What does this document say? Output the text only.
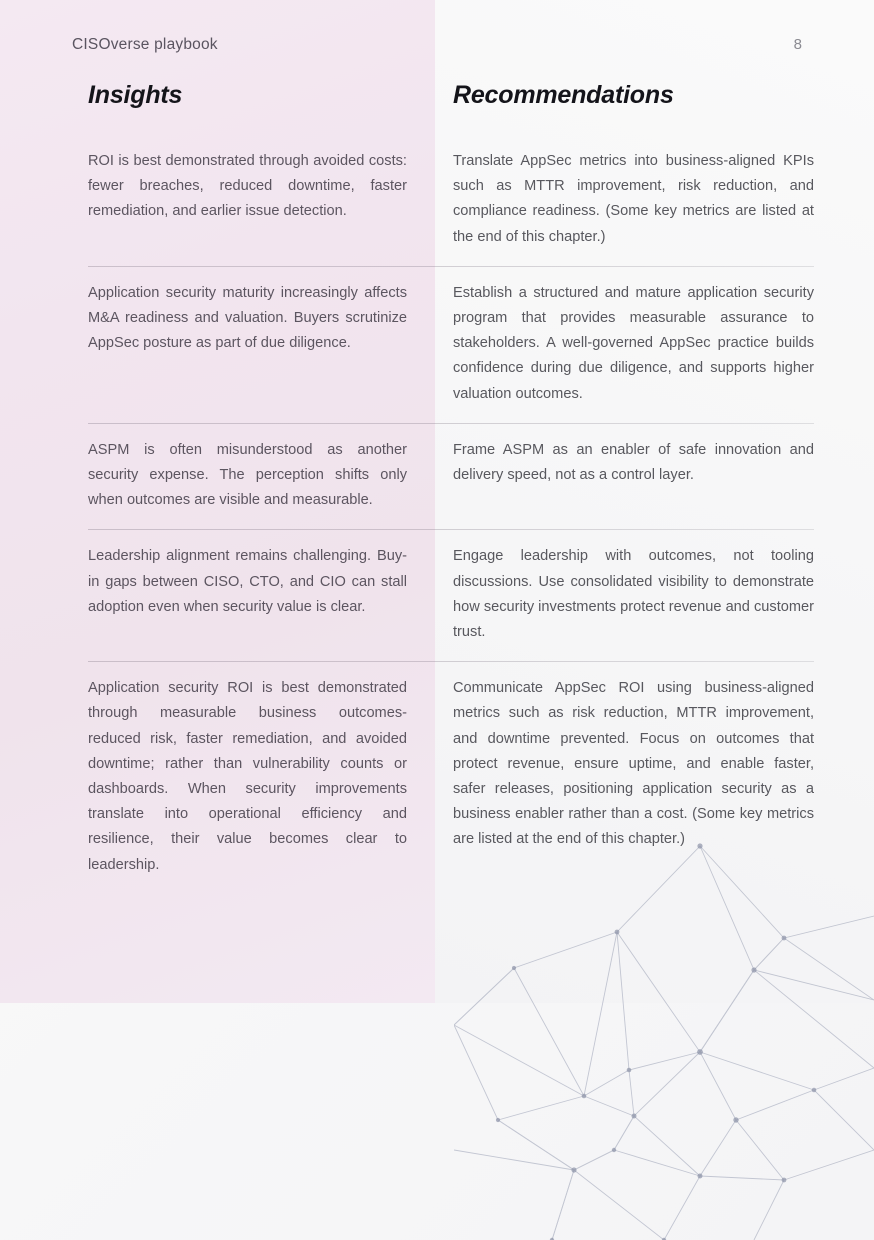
CISOverse playbook	8
Insights	Recommendations

ROI is best demonstrated through avoided costs: fewer breaches, reduced downtime, faster remediation, and earlier issue detection.

Translate AppSec metrics into business-aligned KPIs such as MTTR improvement, risk reduction, and compliance readiness. (Some key metrics are listed at the end of this chapter.)

Application security maturity increasingly affects M&A readiness and valuation. Buyers scrutinize AppSec posture as part of due diligence.

Establish a structured and mature application security program that provides measurable assurance to stakeholders. A well-governed AppSec practice builds confidence during due diligence, and supports higher valuation outcomes.

ASPM is often misunderstood as another security expense. The perception shifts only when outcomes are visible and measurable.

Frame ASPM as an enabler of safe innovation and delivery speed, not as a control layer.

Leadership alignment remains challenging. Buy-in gaps between CISO, CTO, and CIO can stall adoption even when security value is clear.

Engage leadership with outcomes, not tooling discussions. Use consolidated visibility to demonstrate how security investments protect revenue and customer trust.

Application security ROI is best demonstrated through measurable business outcomes- reduced risk, faster remediation, and avoided downtime; rather than vulnerability counts or dashboards. When security improvements translate into operational efficiency and resilience, their value becomes clear to leadership.

Communicate AppSec ROI using business-aligned metrics such as risk reduction, MTTR improvement, and downtime prevented. Focus on outcomes that protect revenue, ensure uptime, and enable faster, safer releases, positioning application security as a business enabler rather than a cost. (Some key metrics are listed at the end of this chapter.)
